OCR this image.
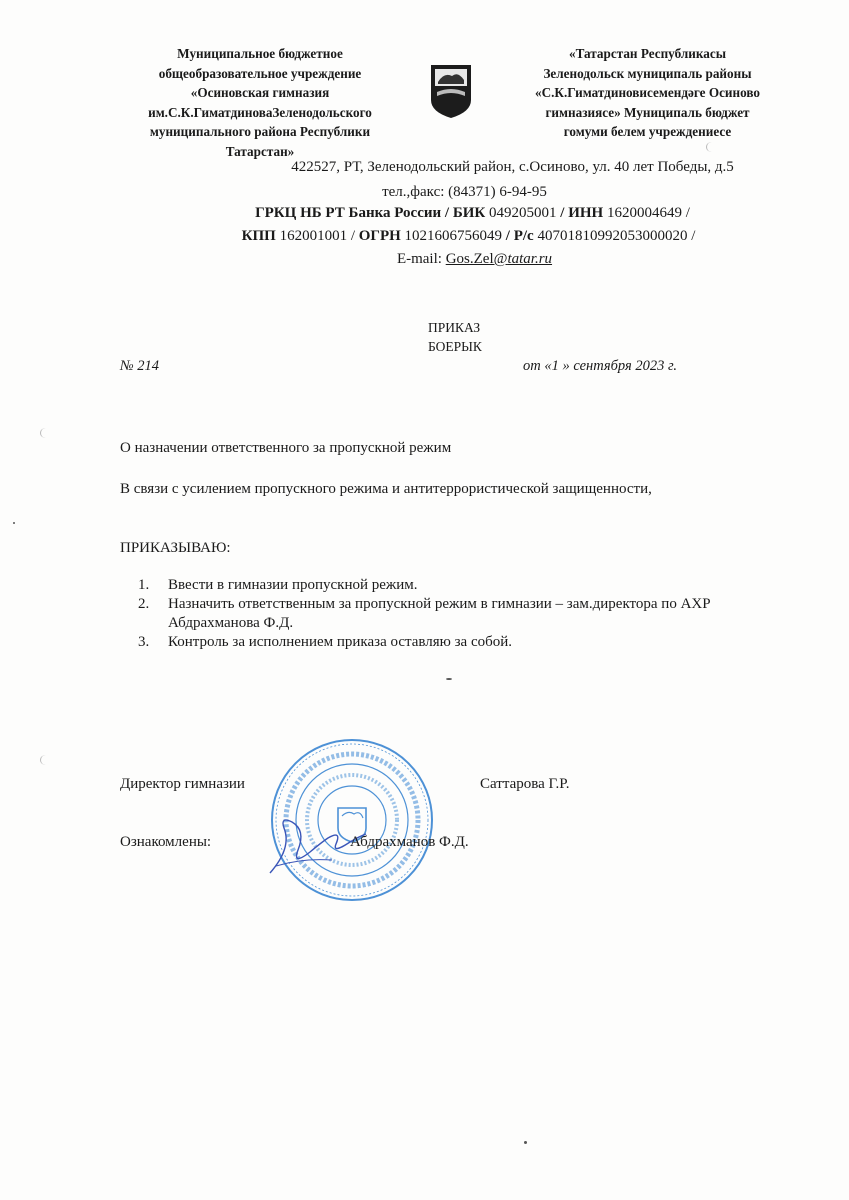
Муниципальное бюджетное
общеобразовательное учреждение
«Осиновская гимназия
им.С.К.ГиматдиноваЗеленодольского
муниципального района Республики
Татарстан»
«Татарстан Республикасы
Зеленодольск муниципаль районы
«С.К.Гиматдиновисемендәге Осиново
гимназиясе» Муниципаль бюджет
гомуми белем учреждениесе
422527, РТ, Зеленодольский район, с.Осиново, ул. 40 лет Победы, д.5
тел.,факс: (84371) 6-94-95
ГРКЦ НБ РТ Банка России / БИК 049205001 / ИНН 1620004649 /
КПП 162001001 / ОГРН 1021606756049 / Р/с 40701810992053000020 /
E-mail: Gos.Zel@tatar.ru
ПРИКАЗ
БОЕРЫК
№ 214	от «1 » сентября 2023 г.
О назначении ответственного за пропускной режим
В связи с усилением пропускного режима и антитеррористической защищенности,
ПРИКАЗЫВАЮ:
1. Ввести в гимназии пропускной режим.
2. Назначить ответственным за пропускной режим в гимназии – зам.директора по АХР Абдрахманова Ф.Д.
3. Контроль за исполнением приказа оставляю за собой.
Директор гимназии	Саттарова Г.Р.
Ознакомлены:	Абдрахманов Ф.Д.
